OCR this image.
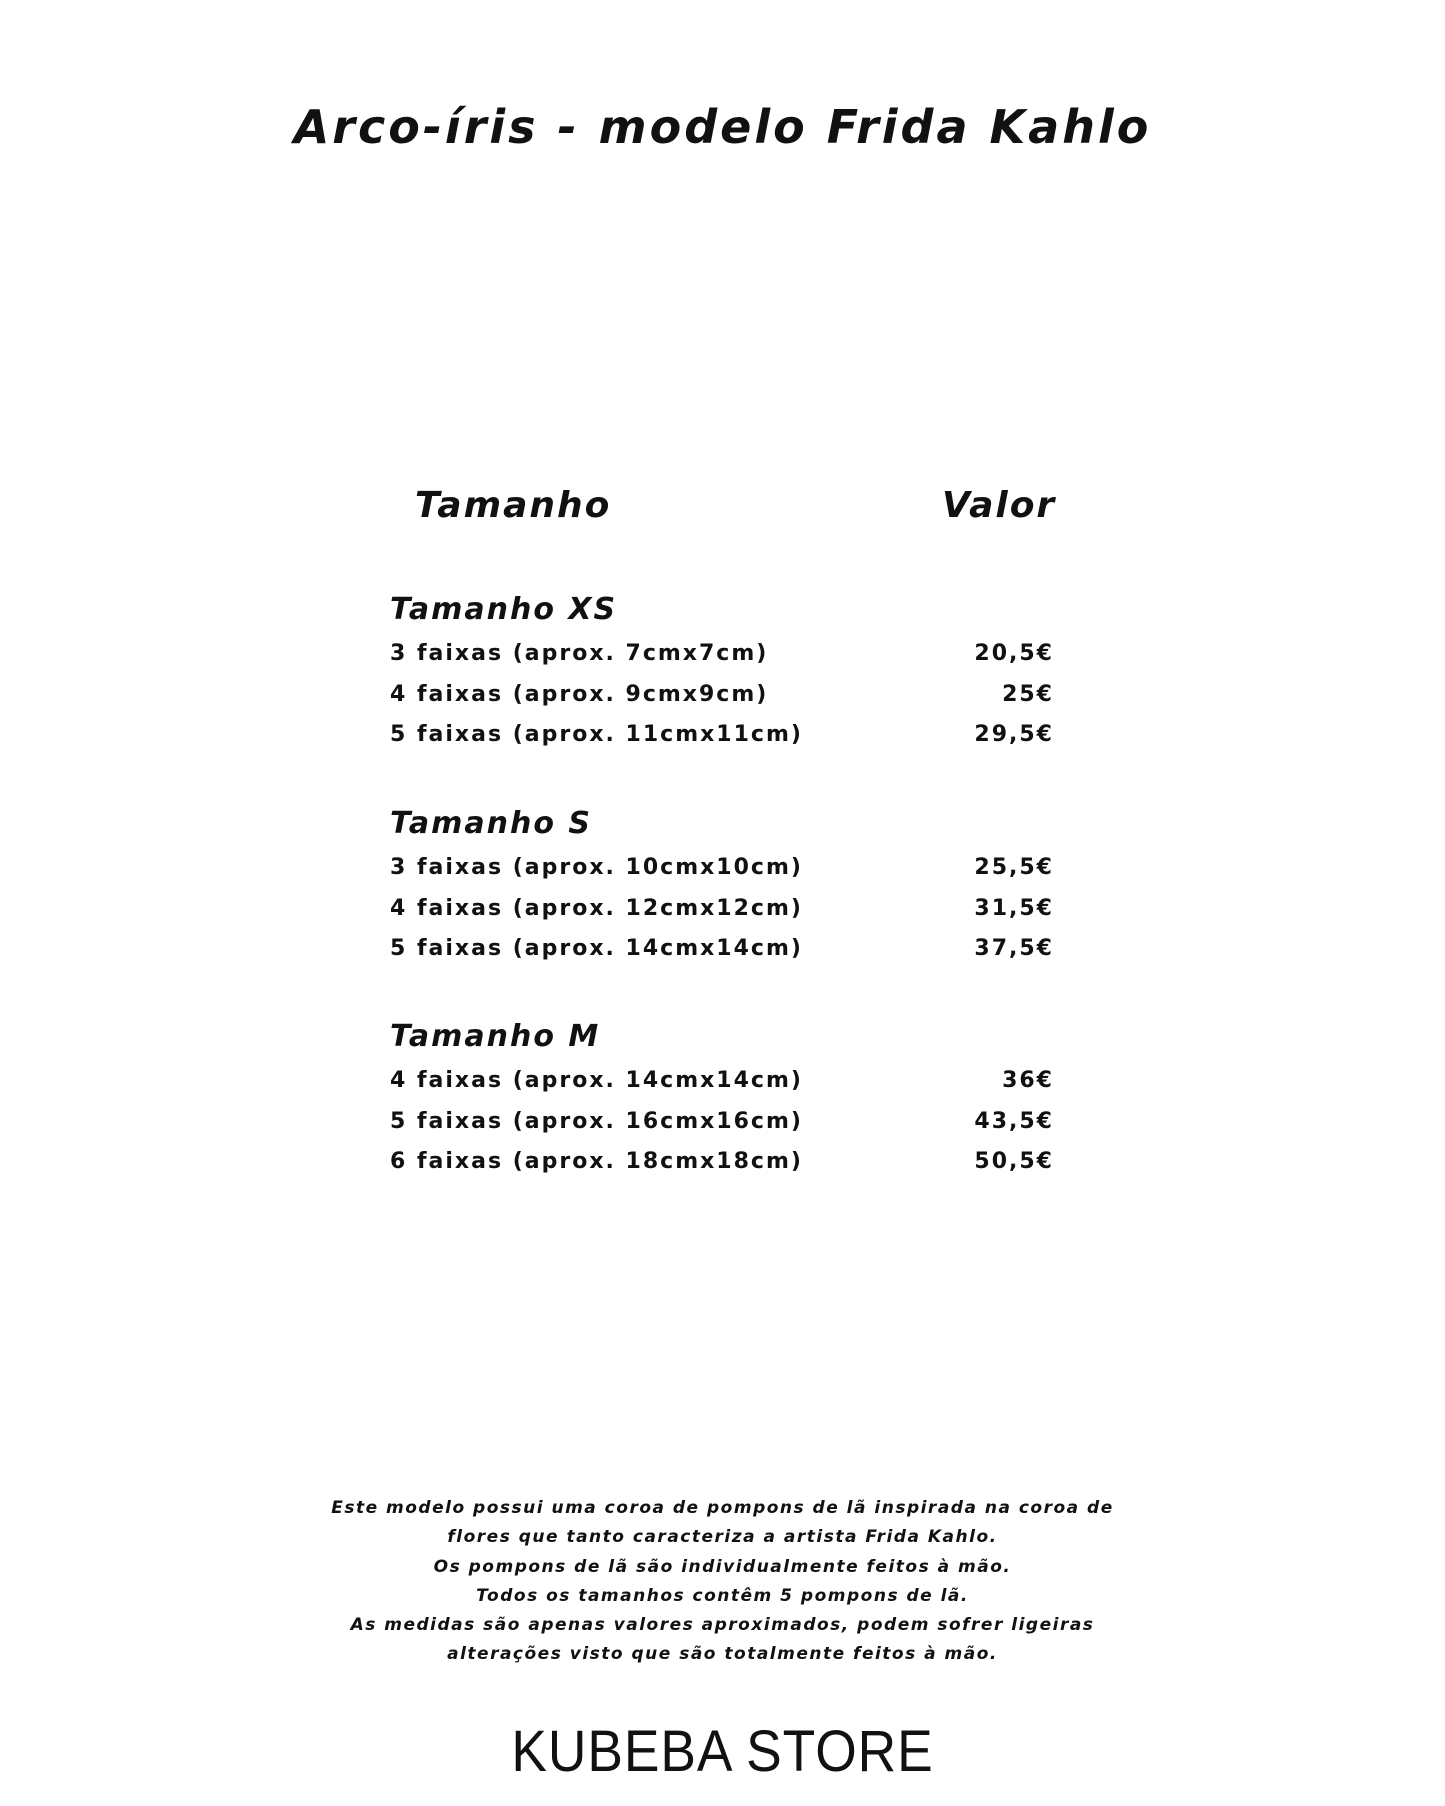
Arco-íris - modelo Frida Kahlo
Tamanho	Valor
Tamanho XS
3 faixas (aprox. 7cmx7cm)	20,5€
4 faixas (aprox. 9cmx9cm)	25€
5 faixas (aprox. 11cmx11cm)	29,5€
Tamanho S
3 faixas (aprox. 10cmx10cm)	25,5€
4 faixas (aprox. 12cmx12cm)	31,5€
5 faixas (aprox. 14cmx14cm)	37,5€
Tamanho M
4 faixas (aprox. 14cmx14cm)	36€
5 faixas (aprox. 16cmx16cm)	43,5€
6 faixas (aprox. 18cmx18cm)	50,5€

Este modelo possui uma coroa de pompons de lã inspirada na coroa de

flores que tanto caracteriza a artista Frida Kahlo.

Os pompons de lã são individualmente feitos à mão.

Todos os tamanhos contêm 5 pompons de lã.

As medidas são apenas valores aproximados, podem sofrer ligeiras

alterações visto que são totalmente feitos à mão.

KUBEBA STORE
